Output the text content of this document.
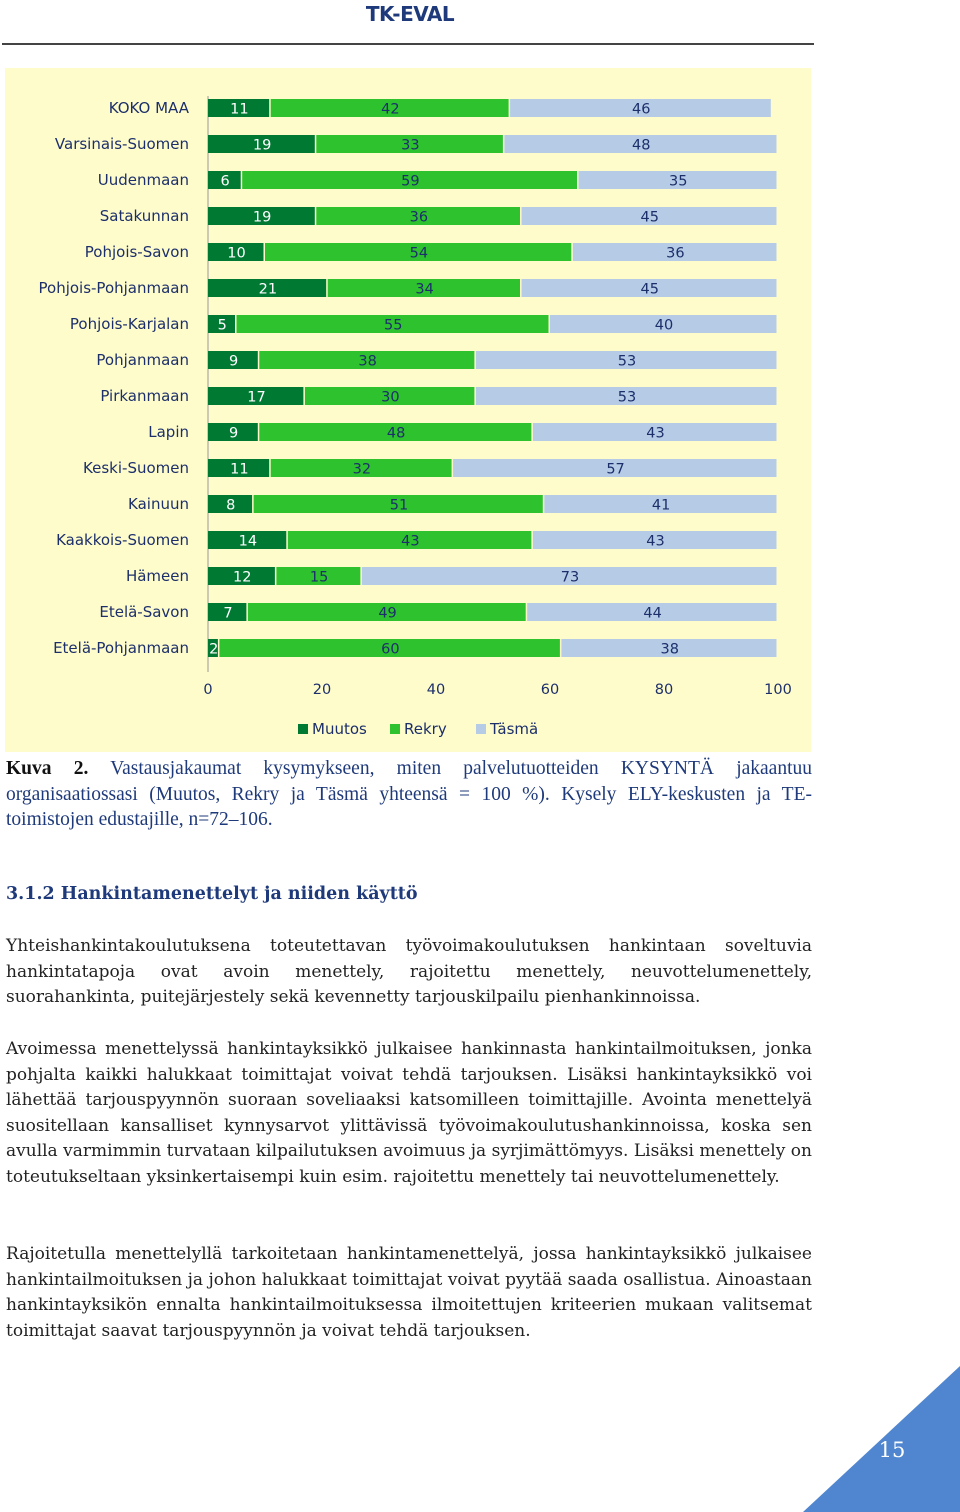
TK-EVAL
KOKO MAA	11	42	46
Varsinais-Suomen	19	33	48
Uudenmaan 6	59	35
Satakunnan	19	36	45
Pohjois-Savon	10	54	36
Pohjois-Pohjanmaan	21	34	45
Pohjois-Karjalan 5	55	40
Pohjanmaan	9	38	53
Pirkanmaan	17	30	53
Lapin	9	48	43
Keski-Suomen	11	32	57
Kainuun	8	51	41
Kaakkois-Suomen	14	43	43
Hämeen	12	15	73
Etelä-Savon 7	49	44
Etelä-Pohjanmaan 2	60	38
0	20	40	60	80	100
Muutos Rekry	Täsmä
Kuva 2. Vastausjakaumat kysymykseen, miten palvelutuotteiden KYSYNTÄ jakaantuu organisaatiossasi (Muutos, Rekry ja Täsmä yhteensä = 100 %). Kysely ELY-keskusten ja TE-toimistojen edustajille, n=72–106.
3.1.2 Hankintamenettelyt ja niiden käyttö

Yhteishankintakoulutuksena toteutettavan työvoimakoulutuksen hankintaan soveltuvia hankintatapoja ovat avoin menettely, rajoitettu menettely, neuvottelumenettely, suorahankinta, puitejärjestely sekä kevennetty tarjouskilpailu pienhankinnoissa.

Avoimessa menettelyssä hankintayksikkö julkaisee hankinnasta hankintailmoituksen, jonka pohjalta kaikki halukkaat toimittajat voivat tehdä tarjouksen. Lisäksi hankintayksikkö voi lähettää tarjouspyynnön suoraan soveliaaksi katsomilleen toimittajille. Avointa menettelyä suositellaan kansalliset kynnysarvot ylittävissä työvoimakoulutushankinnoissa, koska sen avulla varmimmin turvataan kilpailutuksen avoimuus ja syrjimättömyys. Lisäksi menettely on toteutukseltaan yksinkertaisempi kuin esim. rajoitettu menettely tai neuvottelumenettely.

Rajoitetulla menettelyllä tarkoitetaan hankintamenettelyä, jossa hankintayksikkö julkaisee hankintailmoituksen ja johon halukkaat toimittajat voivat pyytää saada osallistua. Ainoastaan hankintayksikön ennalta hankintailmoituksessa ilmoitettujen kriteerien mukaan valitsemat toimittajat saavat tarjouspyynnön ja voivat tehdä tarjouksen.

15
